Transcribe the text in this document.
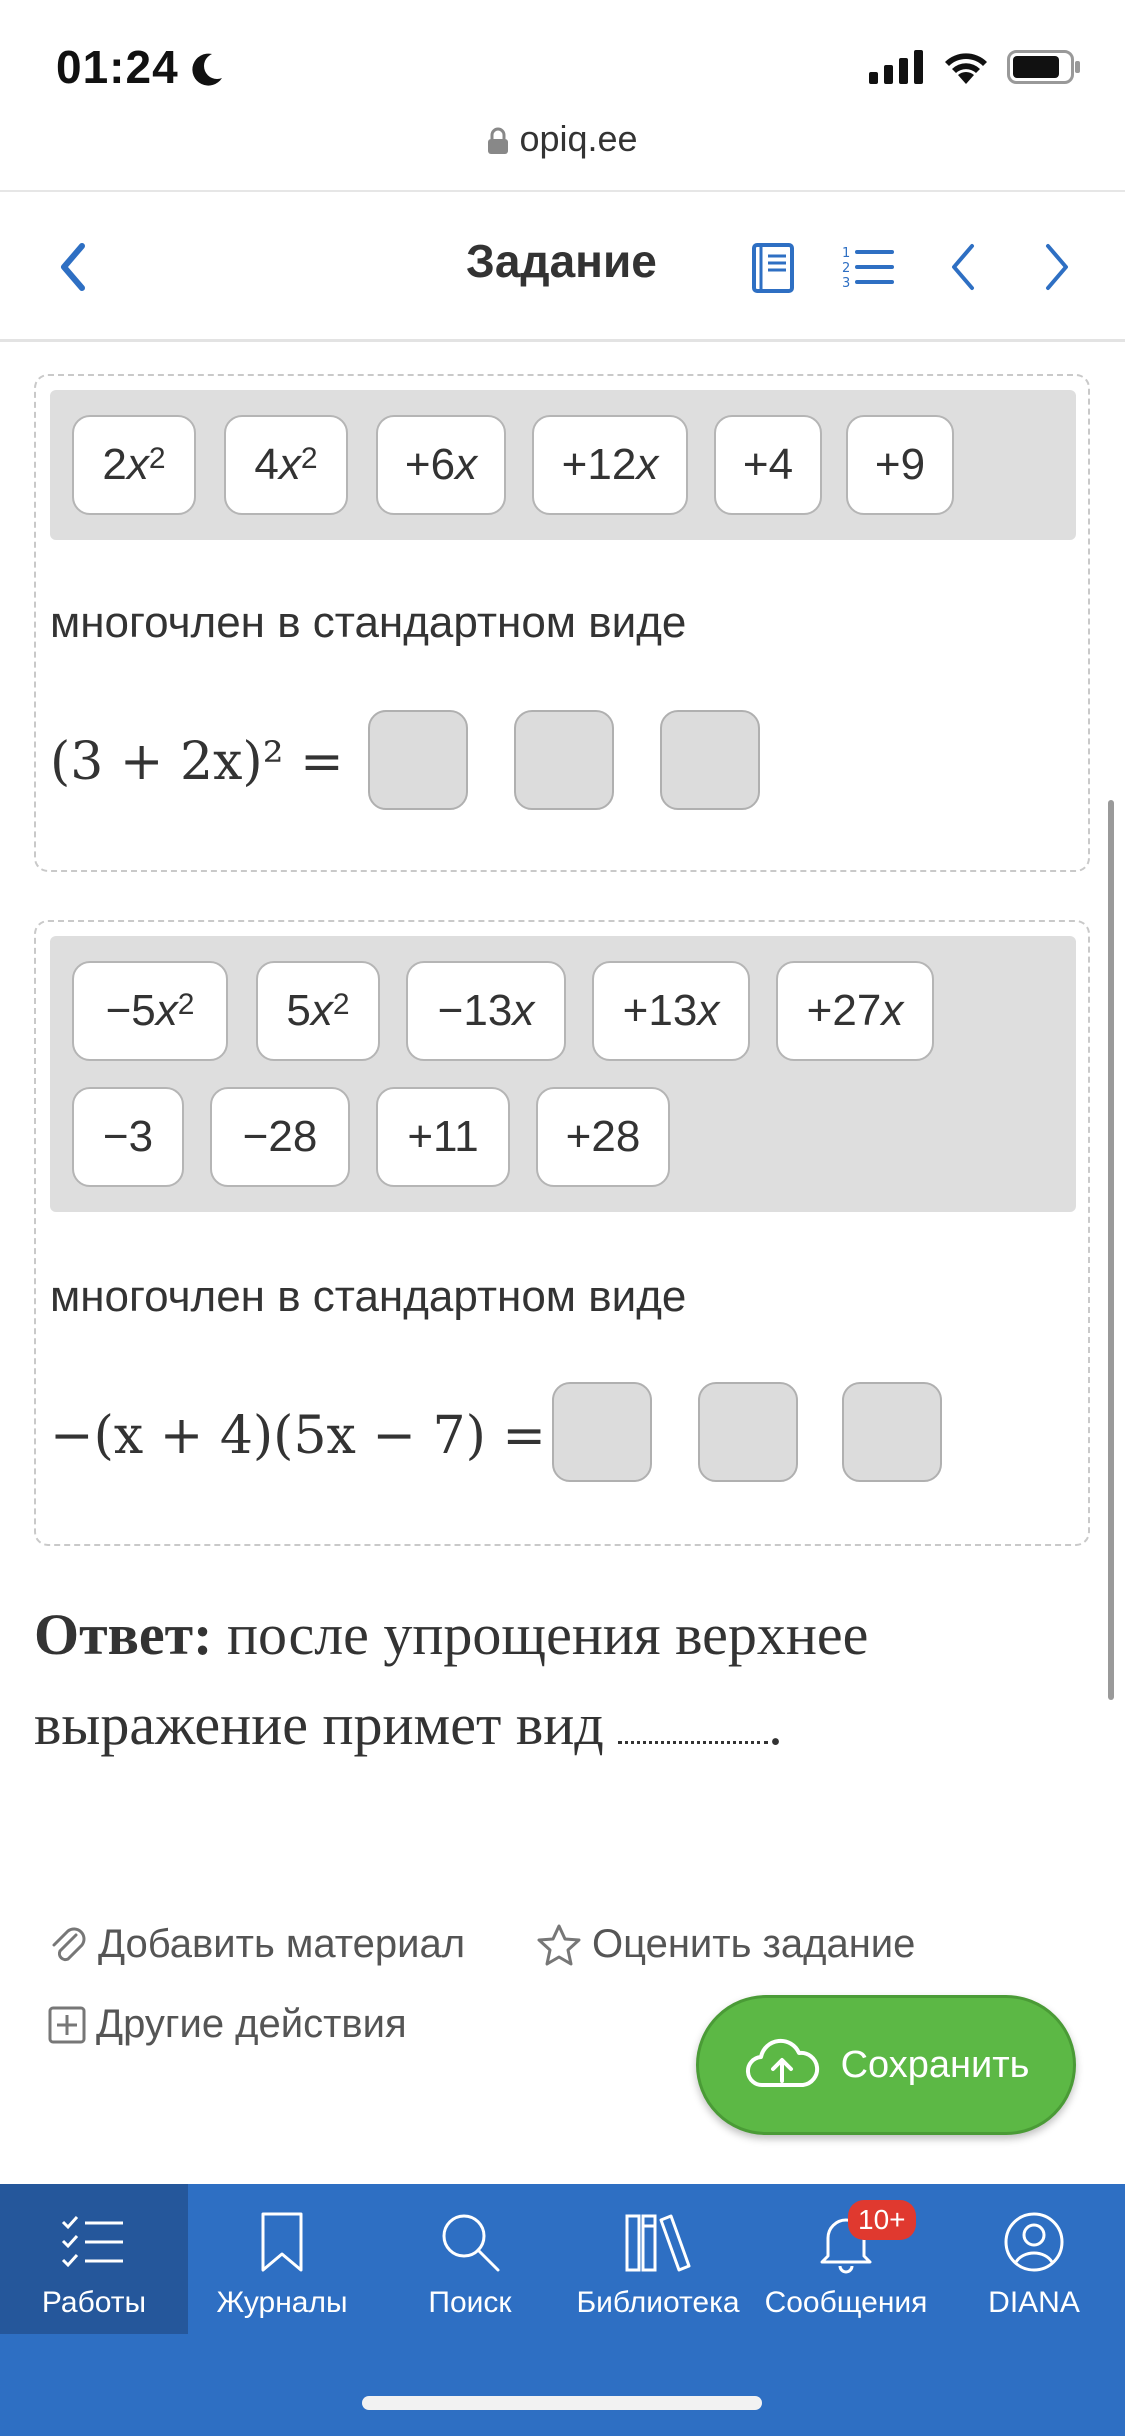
01:24
opiq.ee
Задание	1
2
3
2 $x^2$ 4 $x^2 +6$ x +12 x	+4	+9
многочлен в стандартном виде
(3 + 2x)² =
−5 $x^2$ 5 $x^2 -13$ x +13 x +27 x
−3	−28	+11	+28
многочлен в стандартном виде
−(x + 4)(5x − 7) =
Ответ: после упрощения верхнее выражение примет вид	.
Добавить материал	Оценить задание
Другие действия
Сохранить
Работы Журналы	Поиск Библиотека Сообщения
10+
DIANA
